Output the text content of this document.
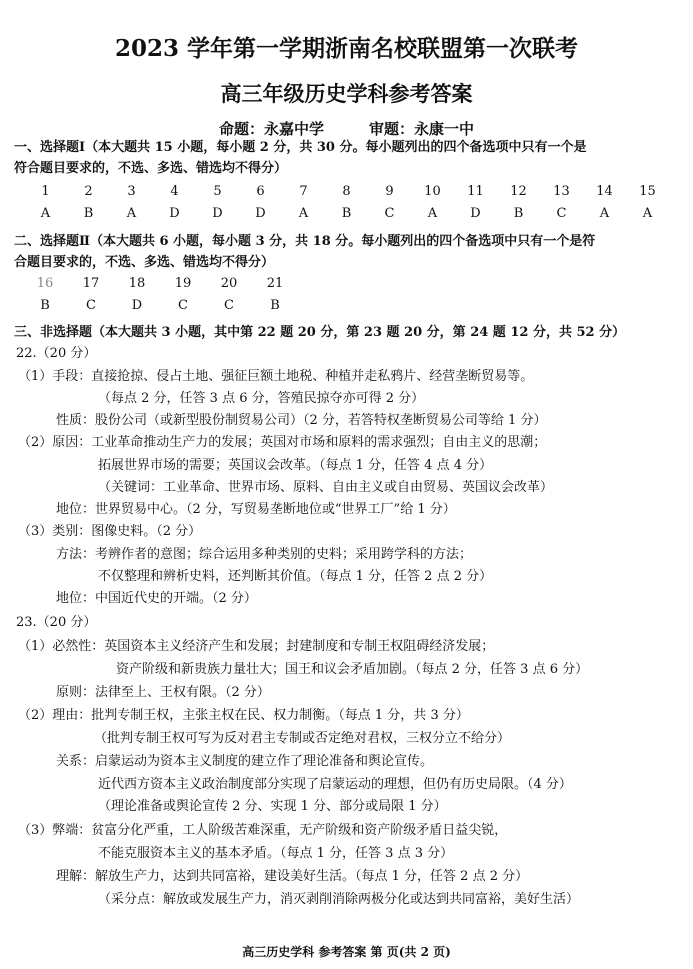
2023 学年第一学期浙南名校联盟第一次联考
高三年级历史学科参考答案
命题：永嘉中学　　　审题：永康一中
一、选择题Ⅰ（本大题共 15 小题，每小题 2 分，共 30 分。每小题列出的四个备选项中只有一个是
符合题目要求的，不选、多选、错选均不得分）
1	2	3	4	5	6	7	8	9	10	11	12	13	14	15
A	B	A	D	D	D	A	B	C	A	D	B	C	A	A
二、选择题Ⅱ（本大题共 6 小题，每小题 3 分，共 18 分。每小题列出的四个备选项中只有一个是符
合题目要求的，不选、多选、错选均不得分）
16	17	18	19	20	21
B	C	D	C	C	B
三、非选择题（本大题共 3 小题，其中第 22 题 20 分，第 23 题 20 分，第 24 题 12 分，共 52 分）
22.（20 分）
（1）手段：直接抢掠、侵占土地、强征巨额土地税、种植并走私鸦片、经营垄断贸易等。
（每点 2 分，任答 3 点 6 分，答殖民掠夺亦可得 2 分）
性质：股份公司（或新型股份制贸易公司）（2 分，若答特权垄断贸易公司等给 1 分）
（2）原因：工业革命推动生产力的发展；英国对市场和原料的需求强烈；自由主义的思潮；
拓展世界市场的需要；英国议会改革。（每点 1 分，任答 4 点 4 分）
（关键词：工业革命、世界市场、原料、自由主义或自由贸易、英国议会改革）
地位：世界贸易中心。（2 分，写贸易垄断地位或“世界工厂”给 1 分）
（3）类别：图像史料。（2 分）
方法：考辨作者的意图；综合运用多种类别的史料；采用跨学科的方法；
不仅整理和辨析史料，还判断其价值。（每点 1 分，任答 2 点 2 分）
地位：中国近代史的开端。（2 分）
23.（20 分）
（1）必然性：英国资本主义经济产生和发展；封建制度和专制王权阻碍经济发展；
资产阶级和新贵族力量壮大；国王和议会矛盾加剧。（每点 2 分，任答 3 点 6 分）
原则：法律至上、王权有限。（2 分）
（2）理由：批判专制王权，主张主权在民、权力制衡。（每点 1 分，共 3 分）
（批判专制王权可写为反对君主专制或否定绝对君权，三权分立不给分）
关系：启蒙运动为资本主义制度的建立作了理论准备和舆论宣传。
近代西方资本主义政治制度部分实现了启蒙运动的理想，但仍有历史局限。（4 分）
（理论准备或舆论宣传 2 分、实现 1 分、部分或局限 1 分）
（3）弊端：贫富分化严重，工人阶级苦难深重，无产阶级和资产阶级矛盾日益尖锐，
不能克服资本主义的基本矛盾。（每点 1 分，任答 3 点 3 分）
理解：解放生产力，达到共同富裕，建设美好生活。（每点 1 分，任答 2 点 2 分）
（采分点：解放或发展生产力，消灭剥削消除两极分化或达到共同富裕，美好生活）
高三历史学科 参考答案 第 页(共 2 页)
